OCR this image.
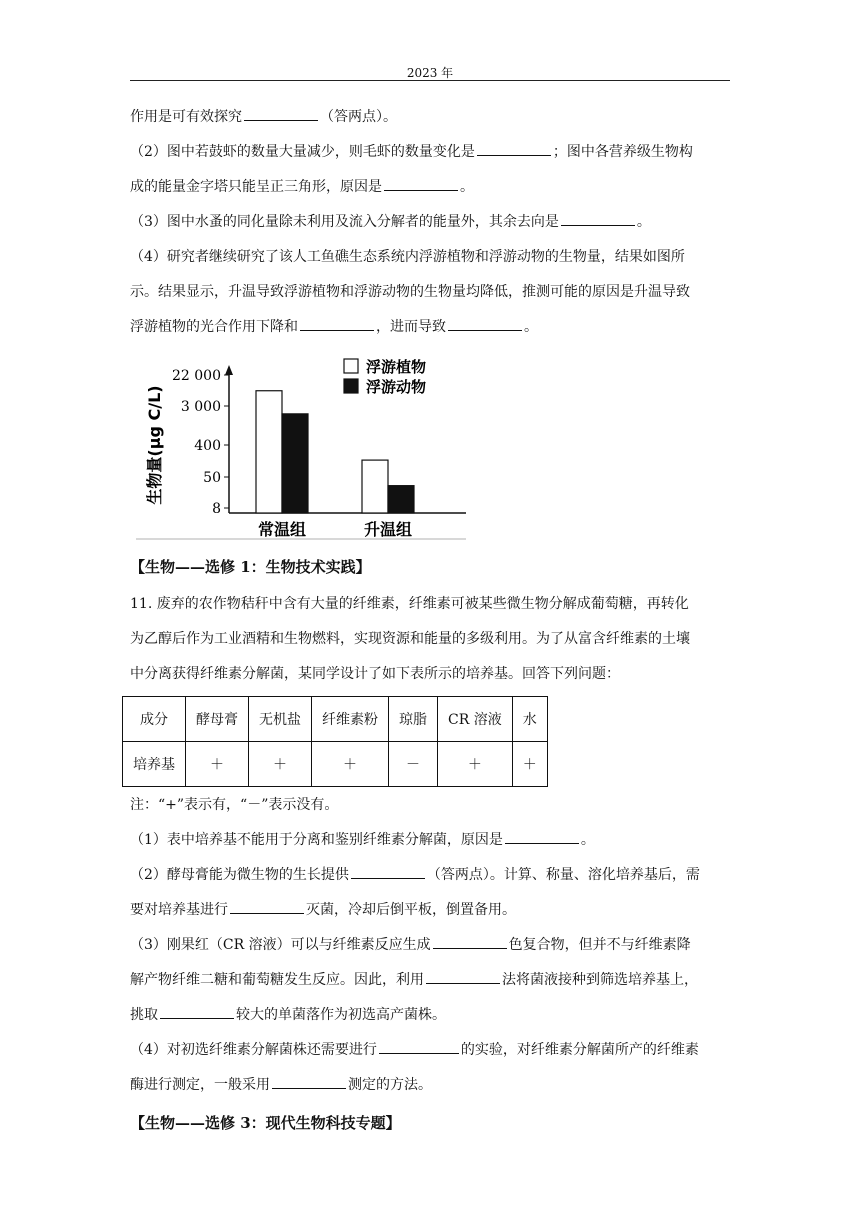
2023 年

作用是可有效探究	（答两点）。

（2）图中若鼓虾的数量大量减少，则毛虾的数量变化是	；图中各营养级生物构

成的能量金字塔只能呈正三角形，原因是	。

（3）图中水蚤的同化量除未利用及流入分解者的能量外，其余去向是	。

（4）研究者继续研究了该人工鱼礁生态系统内浮游植物和浮游动物的生物量，结果如图所

示。结果显示，升温导致浮游植物和浮游动物的生物量均降低，推测可能的原因是升温导致

浮游植物的光合作用下降和	，进而导致	。

22 000
3 000
400
50
8
生物量(μg C/L)
常温组	升温组
浮游植物
浮游动物

【生物——选修 1：生物技术实践】

11. 废弃的农作物秸秆中含有大量的纤维素，纤维素可被某些微生物分解成葡萄糖，再转化

为乙醇后作为工业酒精和生物燃料，实现资源和能量的多级利用。为了从富含纤维素的土壤

中分离获得纤维素分解菌，某同学设计了如下表所示的培养基。回答下列问题：

成分	酵母膏	无机盐	纤维素粉	琼脂	CR 溶液	水
培养基	＋	＋	＋	－	＋	＋

注：“+”表示有，“－”表示没有。

（1）表中培养基不能用于分离和鉴别纤维素分解菌，原因是	。

（2）酵母膏能为微生物的生长提供	（答两点）。计算、称量、溶化培养基后，需

要对培养基进行	灭菌，冷却后倒平板，倒置备用。

（3）刚果红（CR 溶液）可以与纤维素反应生成	色复合物，但并不与纤维素降

解产物纤维二糖和葡萄糖发生反应。因此，利用	法将菌液接种到筛选培养基上，

挑取	较大的单菌落作为初选高产菌株。

（4）对初选纤维素分解菌株还需要进行	的实验，对纤维素分解菌所产的纤维素

酶进行测定，一般采用	测定的方法。

【生物——选修 3：现代生物科技专题】
